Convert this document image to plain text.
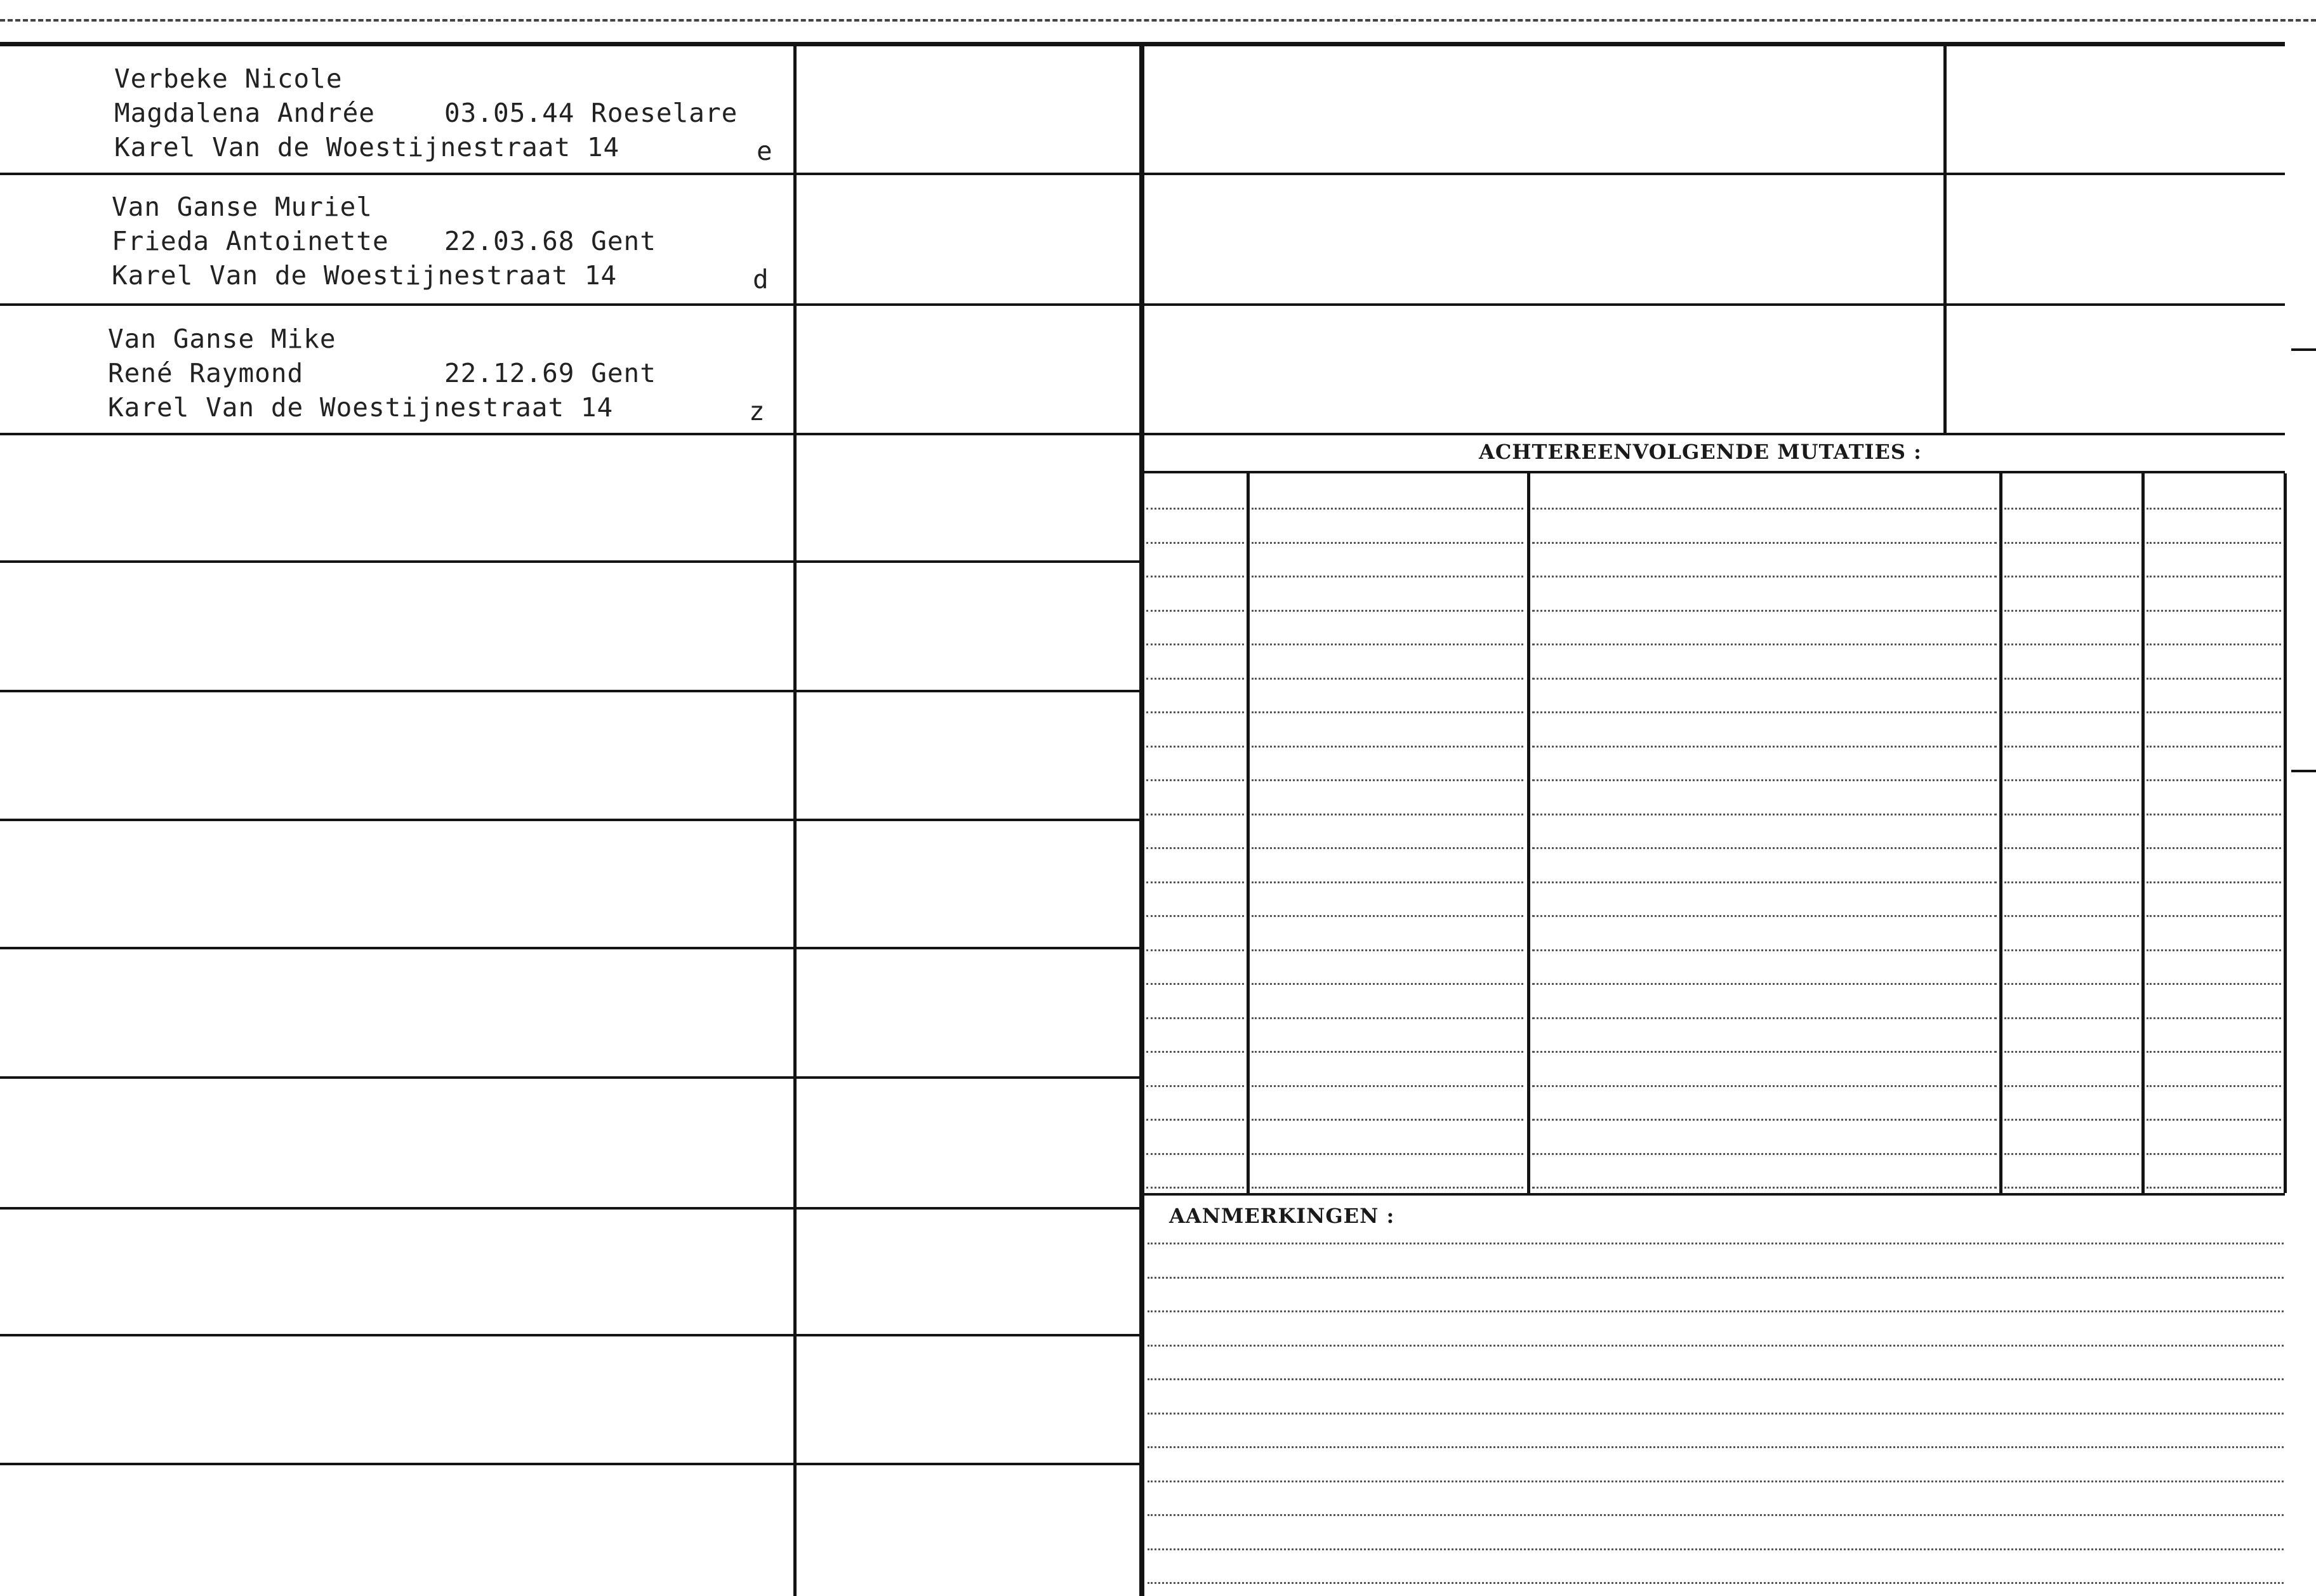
Verbeke Nicole
Magdalena Andrée	03.05.44 Roeselare
Karel Van de Woestijnestraat 14	e
Van Ganse Muriel
Frieda Antoinette 22.03.68 Gent
Karel Van de Woestijnestraat 14	d
Van Ganse Mike
René Raymond	22.12.69 Gent
Karel Van de Woestijnestraat 14	z
ACHTEREENVOLGENDE MUTATIES :
AANMERKINGEN :
